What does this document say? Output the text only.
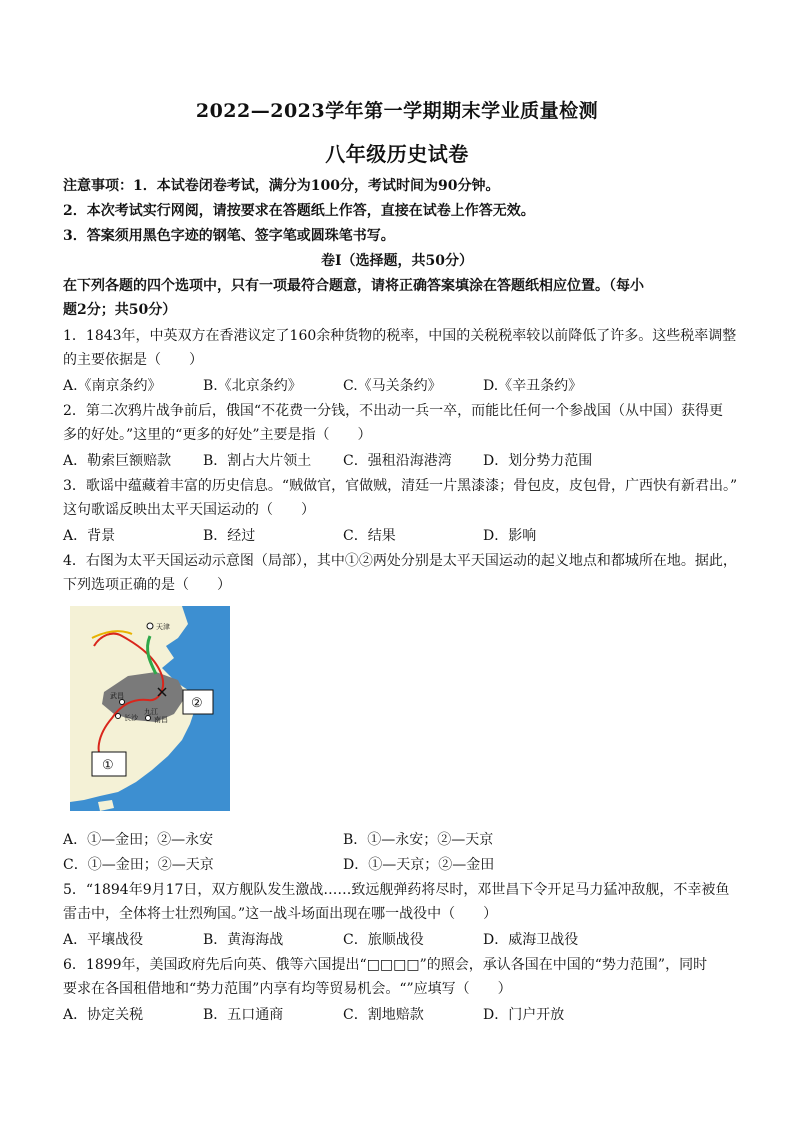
2022—2023学年第一学期期末学业质量检测
八年级历史试卷
注意事项：1．本试卷闭卷考试，满分为100分，考试时间为90分钟。
2．本次考试实行网阅，请按要求在答题纸上作答，直接在试卷上作答无效。
3．答案须用黑色字迹的钢笔、签字笔或圆珠笔书写。
卷Ⅰ（选择题，共50分）
在下列各题的四个选项中，只有一项最符合题意，请将正确答案填涂在答题纸相应位置。（每小
题2分；共50分）
1．1843年，中英双方在香港议定了160余种货物的税率，中国的关税税率较以前降低了许多。这些税率调整
的主要依据是（　　）
A.《南京条约》	B.《北京条约》	C.《马关条约》	D.《辛丑条约》
2．第二次鸦片战争前后，俄国“不花费一分钱，不出动一兵一卒，而能比任何一个参战国（从中国）获得更
多的好处。”这里的“更多的好处”主要是指（　　）
A．勒索巨额赔款 B．割占大片领土 C．强租沿海港湾 D．划分势力范围
3．歌谣中蕴藏着丰富的历史信息。“贼做官，官做贼，清廷一片黑漆漆；骨包皮，皮包骨，广西快有新君出。”
这句歌谣反映出太平天国运动的（　　）
A．背景	B．经过	C．结果	D．影响
4．右图为太平天国运动示意图（局部），其中①②两处分别是太平天国运动的起义地点和都城所在地。据此，
下列选项正确的是（　　）
天津
武昌
九江
长沙 南昌
②
①
A．①—金田；②—永安	B．①—永安；②—天京
C．①—金田；②—天京	D．①—天京；②—金田
5．“1894年9月17日，双方舰队发生激战……致远舰弹药将尽时，邓世昌下令开足马力猛冲敌舰，不幸被鱼
雷击中，全体将士壮烈殉国。”这一战斗场面出现在哪一战役中（　　）
A．平壤战役	B．黄海海战	C．旅顺战役	D．威海卫战役
6．1899年，美国政府先后向英、俄等六国提出“□□□□”的照会，承认各国在中国的“势力范围”，同时
要求在各国租借地和“势力范围”内享有均等贸易机会。“”应填写（　　）
A．协定关税	B．五口通商	C．割地赔款	D．门户开放
